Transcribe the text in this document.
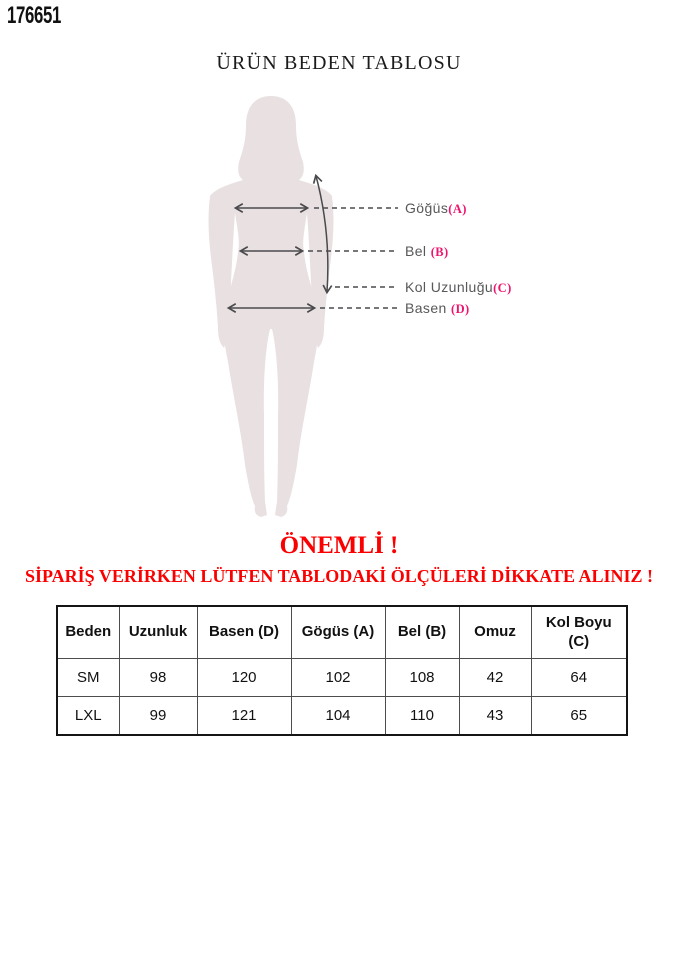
176651
ÜRÜN BEDEN TABLOSU
Göğüs(A)
Bel (B)
Kol Uzunluğu(C)
Basen (D)
ÖNEMLİ !
SİPARİŞ VERİRKEN LÜTFEN TABLODAKİ ÖLÇÜLERİ DİKKATE ALINIZ !
Beden	Uzunluk	Basen (D)	Gögüs (A)	Bel (B)	Omuz	Kol Boyu (C)
SM	98	120	102	108	42	64
LXL	99	121	104	110	43	65
